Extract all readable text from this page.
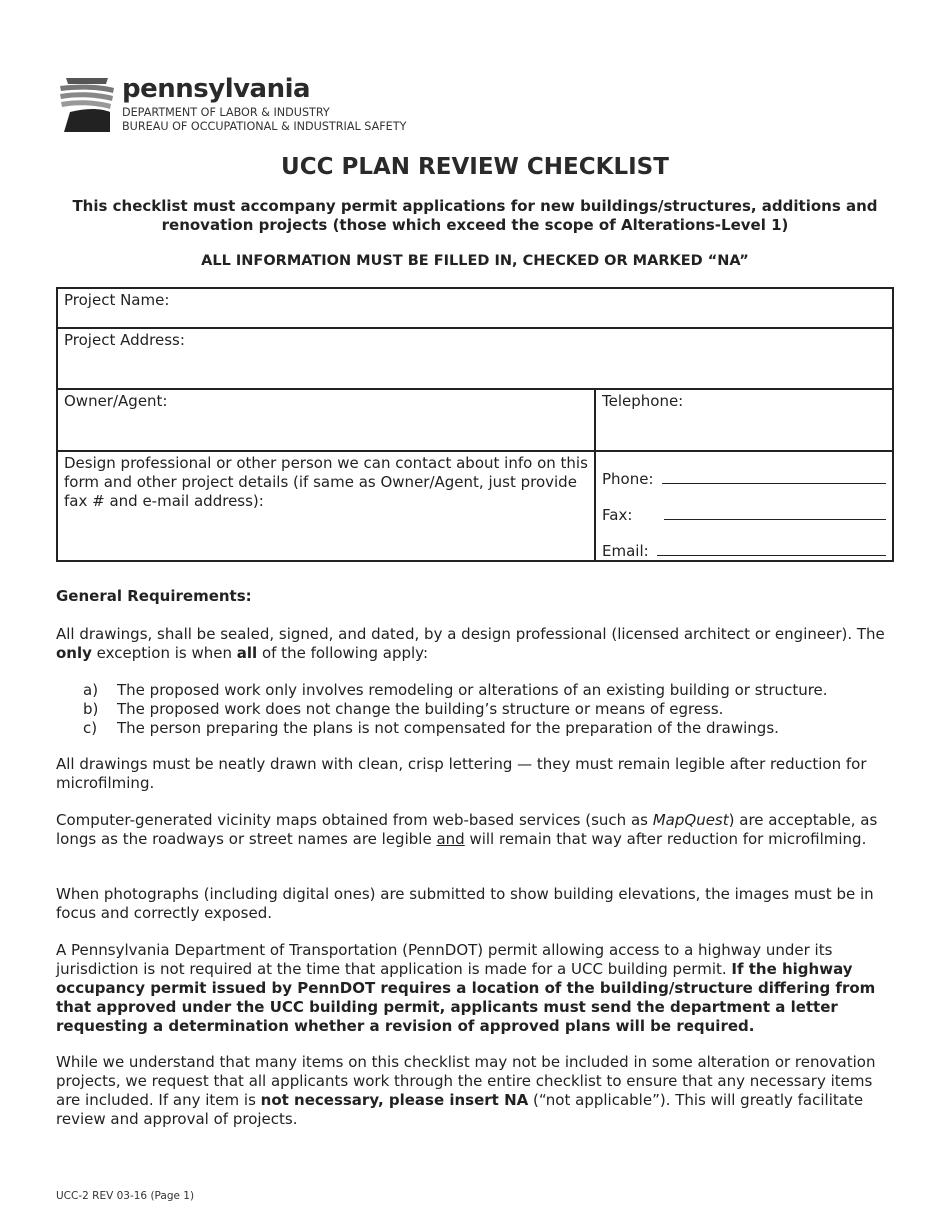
pennsylvania
DEPARTMENT OF LABOR & INDUSTRY
BUREAU OF OCCUPATIONAL & INDUSTRIAL SAFETY
UCC PLAN REVIEW CHECKLIST
This checklist must accompany permit applications for new buildings/structures, additions and renovation projects (those which exceed the scope of Alterations-Level 1)
ALL INFORMATION MUST BE FILLED IN, CHECKED OR MARKED “NA”
Project Name:	

Project Address:	

Owner/Agent:	Telephone:

Design professional or other person we can contact about info on this form and other project details (if same as Owner/Agent, just provide fax # and e-mail address):	Phone:
Fax:
Email:
General Requirements:
All drawings, shall be sealed, signed, and dated, by a design professional (licensed architect or engineer). The only exception is when all of the following apply:
a)	The proposed work only involves remodeling or alterations of an existing building or structure.
b)	The proposed work does not change the building’s structure or means of egress.
c)	The person preparing the plans is not compensated for the preparation of the drawings.
All drawings must be neatly drawn with clean, crisp lettering — they must remain legible after reduction for microfilming.
Computer-generated vicinity maps obtained from web-based services (such as MapQuest) are acceptable, as longs as the roadways or street names are legible and will remain that way after reduction for microfilming.
When photographs (including digital ones) are submitted to show building elevations, the images must be in focus and correctly exposed.
A Pennsylvania Department of Transportation (PennDOT) permit allowing access to a highway under its jurisdiction is not required at the time that application is made for a UCC building permit. If the highway occupancy permit issued by PennDOT requires a location of the building/structure differing from that approved under the UCC building permit, applicants must send the department a letter requesting a determination whether a revision of approved plans will be required.
While we understand that many items on this checklist may not be included in some alteration or renovation projects, we request that all applicants work through the entire checklist to ensure that any necessary items are included. If any item is not necessary, please insert NA (“not applicable”). This will greatly facilitate review and approval of projects.
UCC-2 REV 03-16 (Page 1)
